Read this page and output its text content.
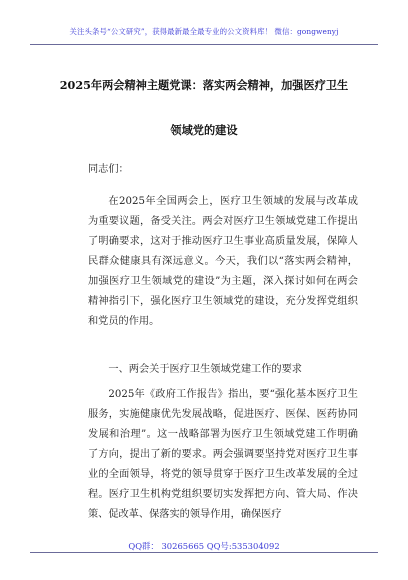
关注头条号“公文研究”，获得最新最全最专业的公文资料库！ 微信：gongwenyj
2025年两会精神主题党课：落实两会精神，加强医疗卫生
领域党的建设
同志们：

在2025年全国两会上，医疗卫生领域的发展与改革成为重要议题，备受关注。两会对医疗卫生领域党建工作提出了明确要求，这对于推动医疗卫生事业高质量发展，保障人民群众健康具有深远意义。今天，我们以“落实两会精神，加强医疗卫生领域党的建设”为主题，深入探讨如何在两会精神指引下，强化医疗卫生领域党的建设，充分发挥党组织和党员的作用。

一、两会关于医疗卫生领域党建工作的要求

2025年《政府工作报告》指出，要“强化基本医疗卫生服务，实施健康优先发展战略，促进医疗、医保、医药协同发展和治理”。这一战略部署为医疗卫生领域党建工作明确了方向，提出了新的要求。两会强调要坚持党对医疗卫生事业的全面领导，将党的领导贯穿于医疗卫生改革发展的全过程。医疗卫生机构党组织要切实发挥把方向、管大局、作决策、促改革、保落实的领导作用，确保医疗

QQ群： 30265665 QQ号:535304092
